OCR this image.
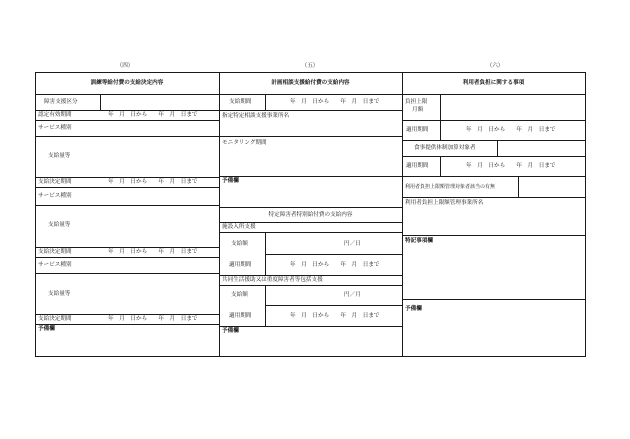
（四）	（五）	（六）
訓練等給付費の支給決定内容
障害支援区分
認定有効期間	年　月　日から　　年　月　日まで
サービス種別
支給量等
支給決定期間	年　月　日から　　年　月　日まで
サービス種別
支給量等
支給決定期間	年　月　日から　　年　月　日まで
サービス種別
支給量等
支給決定期間	年　月　日から　　年　月　日まで
予備欄
計画相談支援給付費の支給内容
支給期間	年　月　日から　　年　月　日まで
指定特定相談支援事業所名
モニタリング期間
予備欄
特定障害者特別給付費の支給内容
施設入所支援
支給額	円／日
適用期間	年　月　日から　　年　月　日まで
共同生活援助又は重度障害者等包括支援
支給額	円／月
適用期間	年　月　日から　　年　月　日まで
予備欄
利用者負担に関する事項
負担上限
月額
適用期間	年　月　日から　　年　月　日まで
食事提供体制加算対象者
適用期間	年　月　日から　　年　月　日まで
利用者負担上限額管理対象者該当の有無
利用者負担上限額管理事業所名
特記事項欄
予備欄
